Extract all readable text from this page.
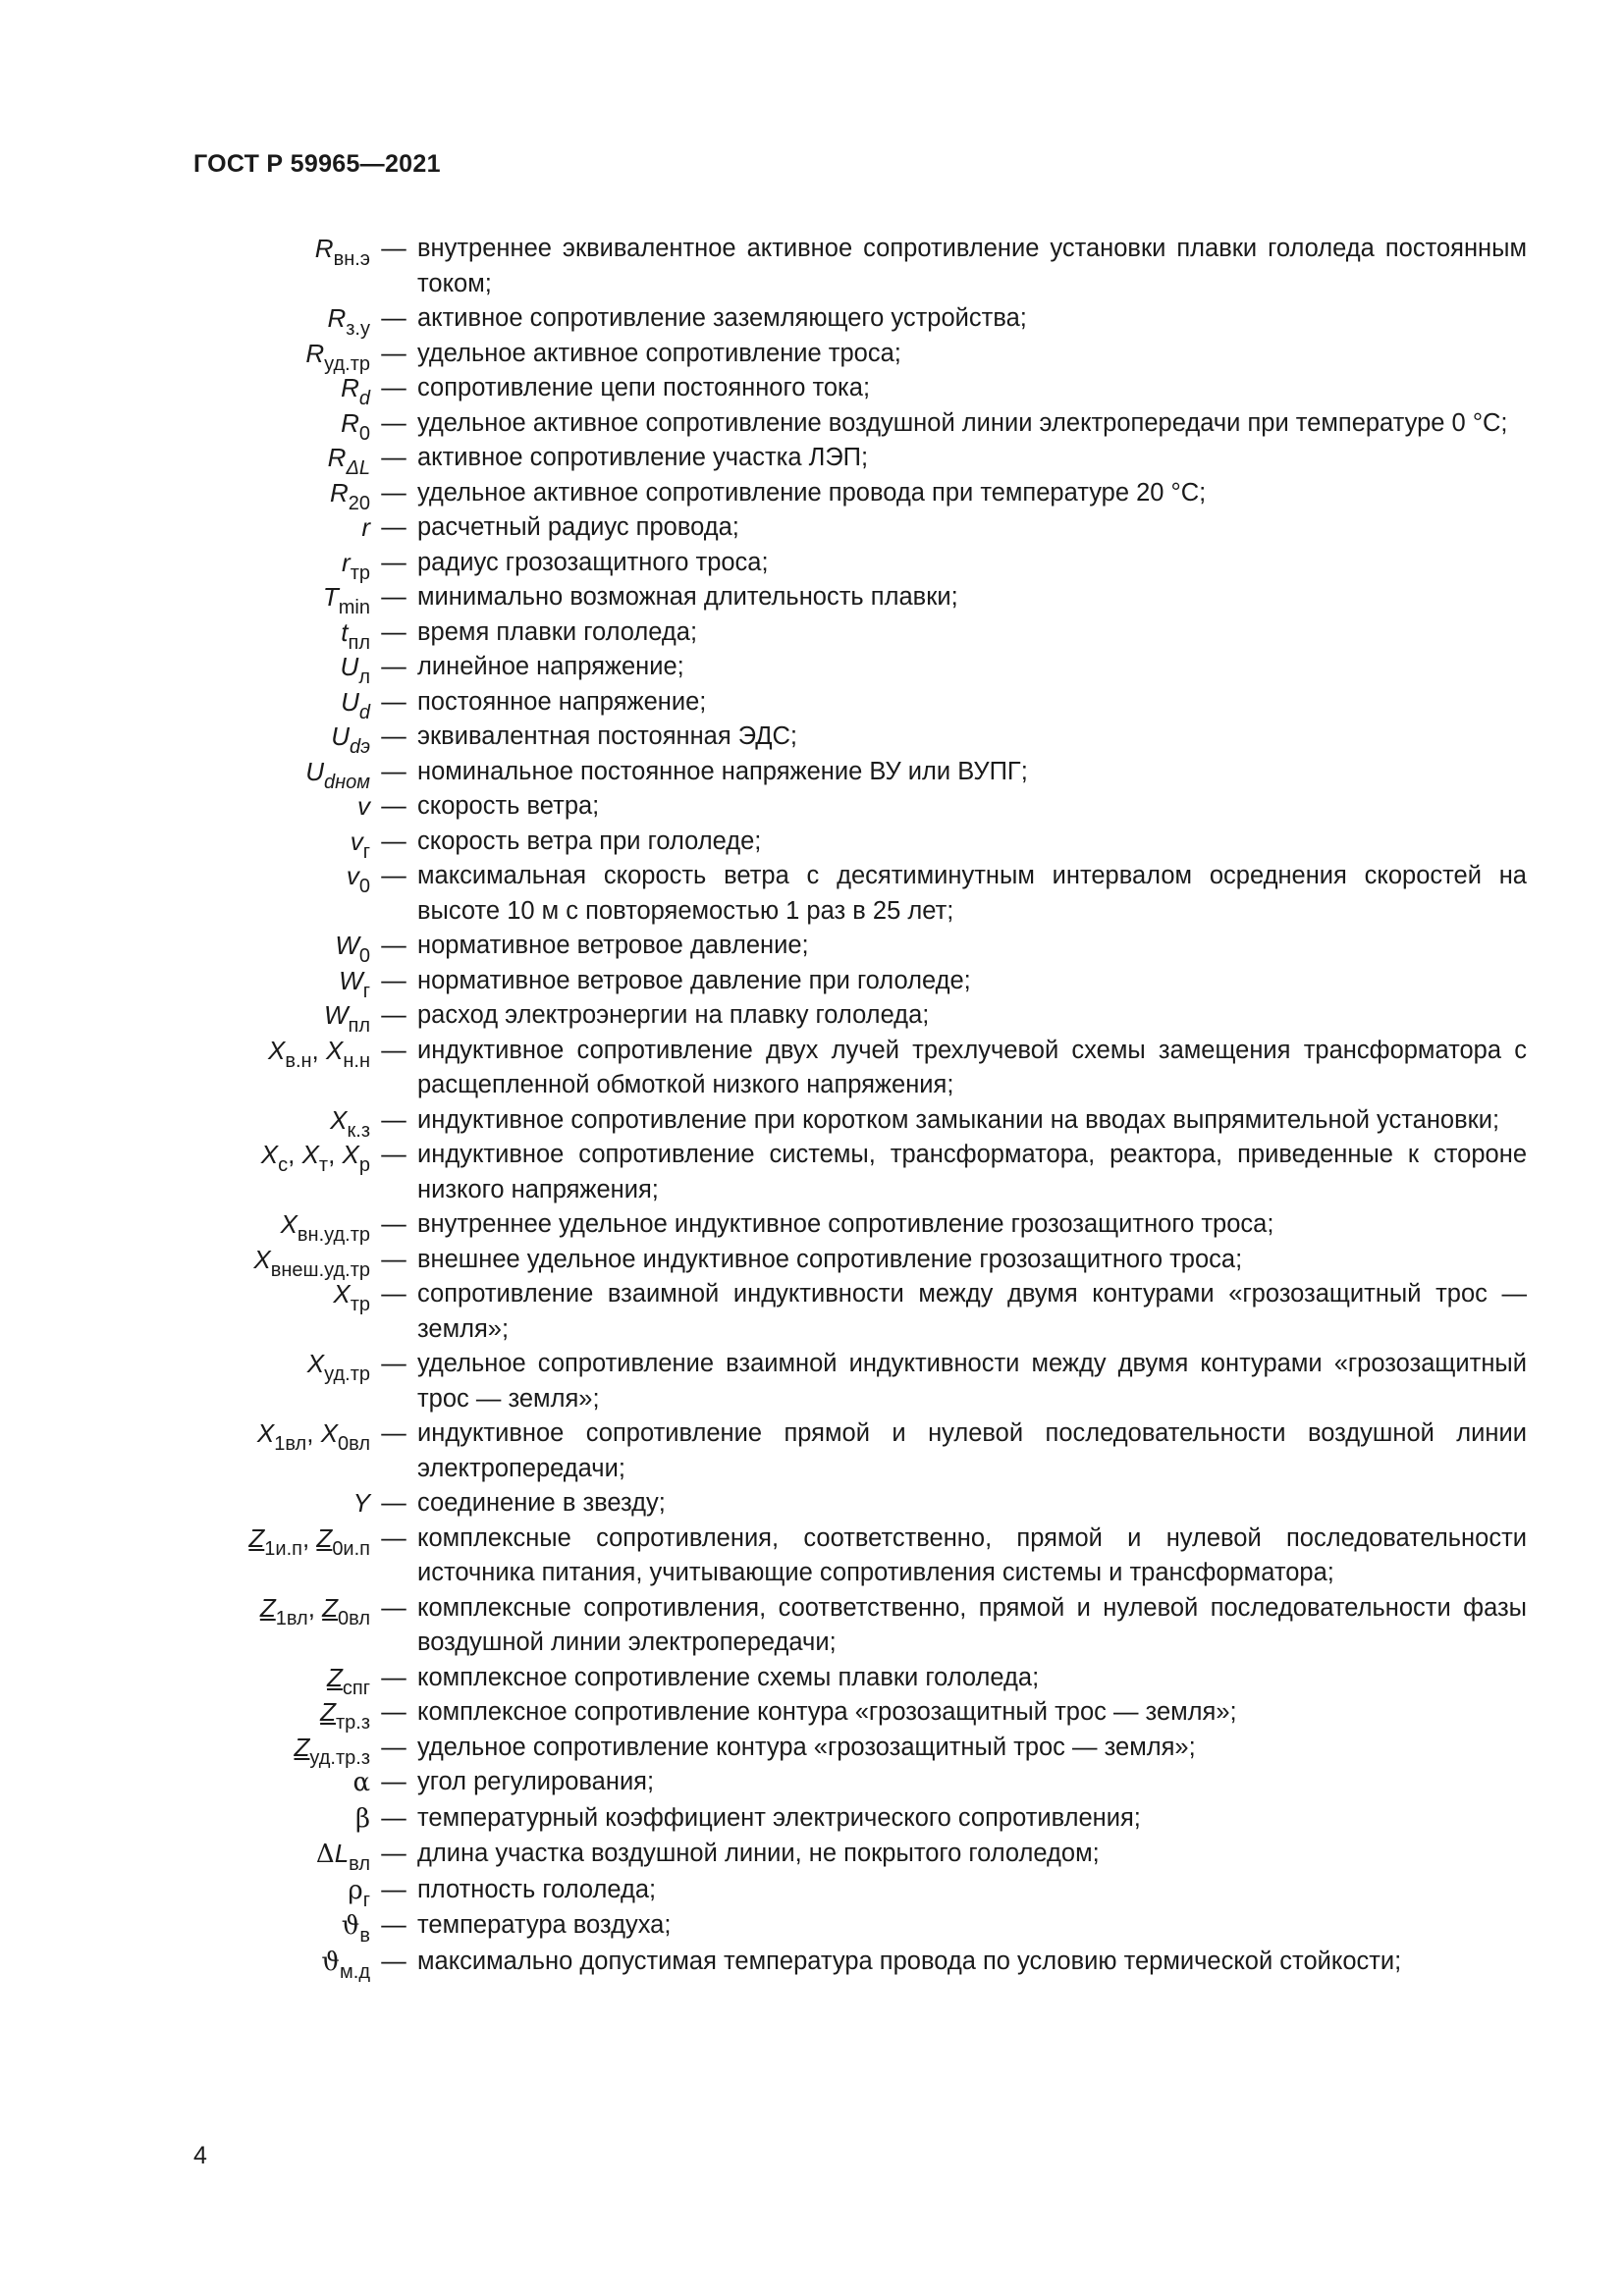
ГОСТ Р 59965—2021
$R_{вн.э}$ — внутреннее эквивалентное активное сопротивление установки плавки гололеда постоянным током;
$R_{з.у}$ — активное сопротивление заземляющего устройства;
$R_{уд.тр}$ — удельное активное сопротивление троса;
$R_d$ — сопротивление цепи постоянного тока;
$R_0$ — удельное активное сопротивление воздушной линии электропередачи при температуре 0 °С;
$R_{\Delta L}$ — активное сопротивление участка ЛЭП;
$R_{20}$ — удельное активное сопротивление провода при температуре 20 °С;
r — расчетный радиус провода;
$r_{тр}$ — радиус грозозащитного троса;
$T_{min}$ — минимально возможная длительность плавки;
$t_{пл}$ — время плавки гололеда;
$U_л$ — линейное напряжение;
$U_d$ — постоянное напряжение;
$U_{dэ}$ — эквивалентная постоянная ЭДС;
$U_{dном}$ — номинальное постоянное напряжение ВУ или ВУПГ;
v — скорость ветра;
$v_г$ — скорость ветра при гололеде;
$v_0$ — максимальная скорость ветра с десятиминутным интервалом осреднения скоростей на высоте 10 м с повторяемостью 1 раз в 25 лет;
$W_0$ — нормативное ветровое давление;
$W_г$ — нормативное ветровое давление при гололеде;
$W_{пл}$ — расход электроэнергии на плавку гололеда;
$X_{в.н}$, $X_{н.н}$ — индуктивное сопротивление двух лучей трехлучевой схемы замещения трансформатора с расщепленной обмоткой низкого напряжения;
$X_{к.з}$ — индуктивное сопротивление при коротком замыкании на вводах выпрямительной установки;
$X_с$, $X_т$, $X_р$ — индуктивное сопротивление системы, трансформатора, реактора, приведенные к стороне низкого напряжения;
$X_{вн.уд.тр}$ — внутреннее удельное индуктивное сопротивление грозозащитного троса;
$X_{внеш.уд.тр}$ — внешнее удельное индуктивное сопротивление грозозащитного троса;
$X_{тр}$ — сопротивление взаимной индуктивности между двумя контурами «грозозащитный трос — земля»;
$X_{уд.тр}$ — удельное сопротивление взаимной индуктивности между двумя контурами «грозозащитный трос — земля»;
$X_{1вл}$, $X_{0вл}$ — индуктивное сопротивление прямой и нулевой последовательности воздушной линии электропередачи;
Y — соединение в звезду;
$Z_{1и.п}$, $Z_{0и.п}$ — комплексные сопротивления, соответственно, прямой и нулевой последовательности источника питания, учитывающие сопротивления системы и трансформатора;
$Z_{1вл}$, $Z_{0вл}$ — комплексные сопротивления, соответственно, прямой и нулевой последовательности фазы воздушной линии электропередачи;
$Z_{спг}$ — комплексное сопротивление схемы плавки гололеда;
$Z_{тр.з}$ — комплексное сопротивление контура «грозозащитный трос — земля»;
$Z_{уд.тр.з}$ — удельное сопротивление контура «грозозащитный трос — земля»;
α — угол регулирования;
β — температурный коэффициент электрического сопротивления;
$\Delta L_{вл}$ — длина участка воздушной линии, не покрытого гололедом;
$\rho_г$ — плотность гололеда;
$ϑ_в$ — температура воздуха;
$ϑ_{м.д}$ — максимально допустимая температура провода по условию термической стойкости;
4
